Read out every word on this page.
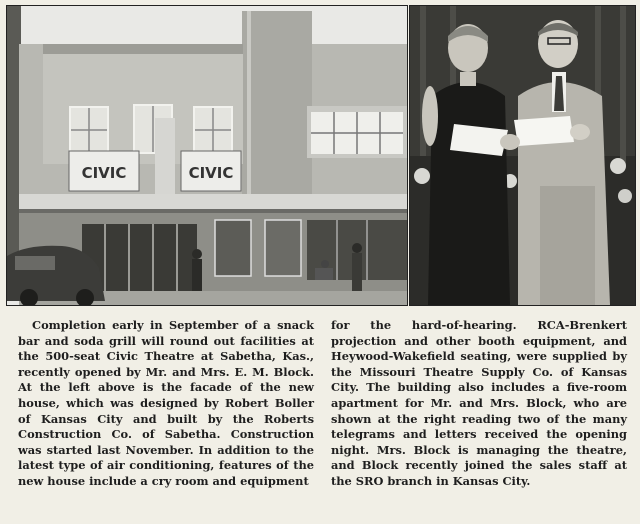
CIVIC	CIVIC
Completion early in September of a snack bar and soda grill will round out facilities at the 500-seat Civic Theatre at Sabetha, Kas., recently opened by Mr. and Mrs. E. M. Block. At the left above is the facade of the new house, which was designed by Robert Boller of Kansas City and built by the Roberts Construction Co. of Sabetha. Construction was started last November. In addition to the latest type of air conditioning, features of the new house include a cry room and equipment
for the hard-of-hearing. RCA-Brenkert projection and other booth equipment, and Heywood-Wakefield seating, were supplied by the Missouri Theatre Supply Co. of Kansas City. The building also includes a five-room apartment for Mr. and Mrs. Block, who are shown at the right reading two of the many telegrams and letters received the opening night. Mrs. Block is managing the theatre, and Block recently joined the sales staff at the SRO branch in Kansas City.
